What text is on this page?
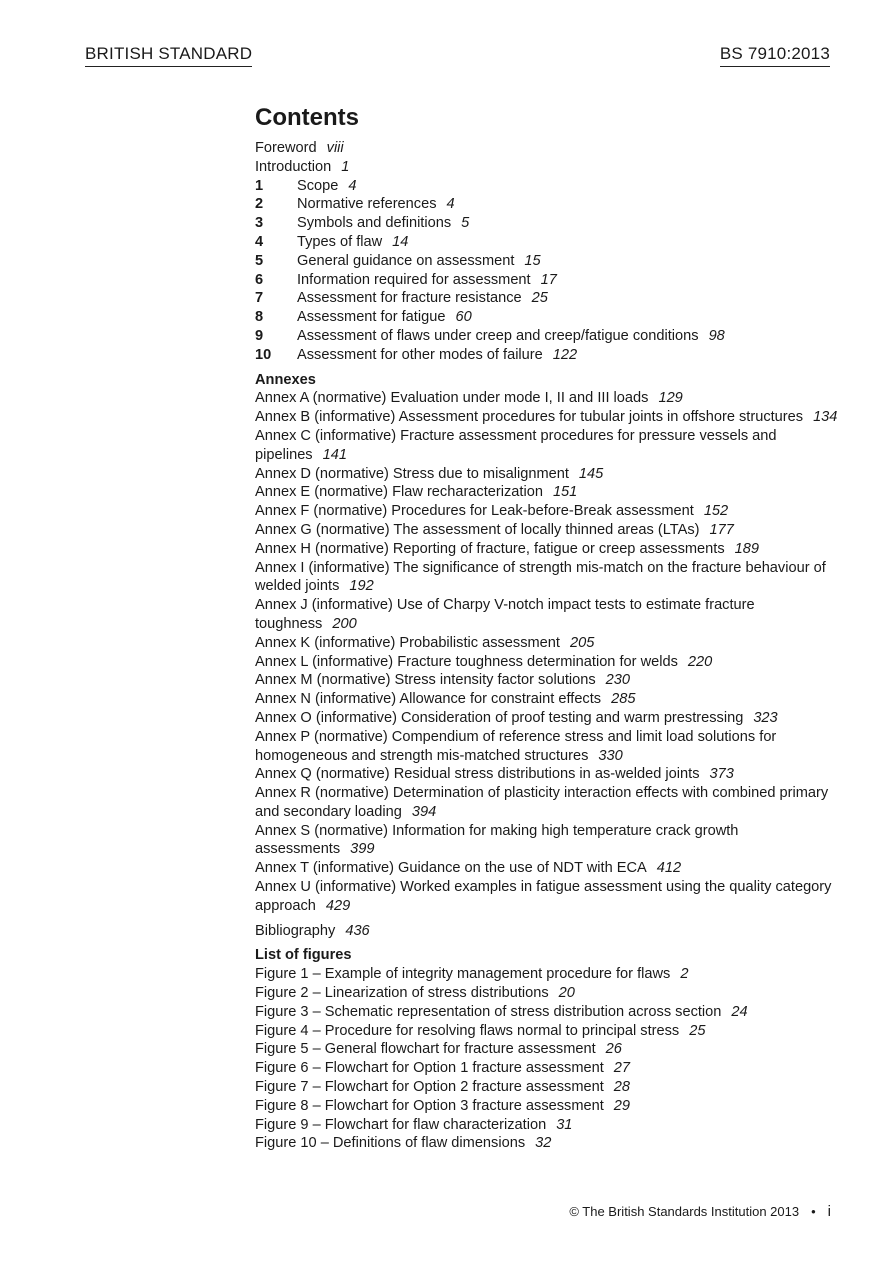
BRITISH STANDARD	BS 7910:2013
Contents
Foreword viii
Introduction 1
1 Scope 4
2 Normative references 4
3 Symbols and definitions 5
4 Types of flaw 14
5 General guidance on assessment 15
6 Information required for assessment 17
7 Assessment for fracture resistance 25
8 Assessment for fatigue 60
9 Assessment of flaws under creep and creep/fatigue conditions 98
10 Assessment for other modes of failure 122
Annexes
Annex A (normative) Evaluation under mode I, II and III loads 129
Annex B (informative) Assessment procedures for tubular joints in offshore structures 134
Annex C (informative) Fracture assessment procedures for pressure vessels and pipelines 141
Annex D (normative) Stress due to misalignment 145
Annex E (normative) Flaw recharacterization 151
Annex F (normative) Procedures for Leak-before-Break assessment 152
Annex G (normative) The assessment of locally thinned areas (LTAs) 177
Annex H (normative) Reporting of fracture, fatigue or creep assessments 189
Annex I (informative) The significance of strength mis-match on the fracture behaviour of welded joints 192
Annex J (informative) Use of Charpy V-notch impact tests to estimate fracture toughness 200
Annex K (informative) Probabilistic assessment 205
Annex L (informative) Fracture toughness determination for welds 220
Annex M (normative) Stress intensity factor solutions 230
Annex N (informative) Allowance for constraint effects 285
Annex O (informative) Consideration of proof testing and warm prestressing 323
Annex P (normative) Compendium of reference stress and limit load solutions for homogeneous and strength mis-matched structures 330
Annex Q (normative) Residual stress distributions in as-welded joints 373
Annex R (normative) Determination of plasticity interaction effects with combined primary and secondary loading 394
Annex S (normative) Information for making high temperature crack growth assessments 399
Annex T (informative) Guidance on the use of NDT with ECA 412
Annex U (informative) Worked examples in fatigue assessment using the quality category approach 429
Bibliography 436
List of figures
Figure 1 – Example of integrity management procedure for flaws 2
Figure 2 – Linearization of stress distributions 20
Figure 3 – Schematic representation of stress distribution across section 24
Figure 4 – Procedure for resolving flaws normal to principal stress 25
Figure 5 – General flowchart for fracture assessment 26
Figure 6 – Flowchart for Option 1 fracture assessment 27
Figure 7 – Flowchart for Option 2 fracture assessment 28
Figure 8 – Flowchart for Option 3 fracture assessment 29
Figure 9 – Flowchart for flaw characterization 31
Figure 10 – Definitions of flaw dimensions 32
© The British Standards Institution 2013 • i
